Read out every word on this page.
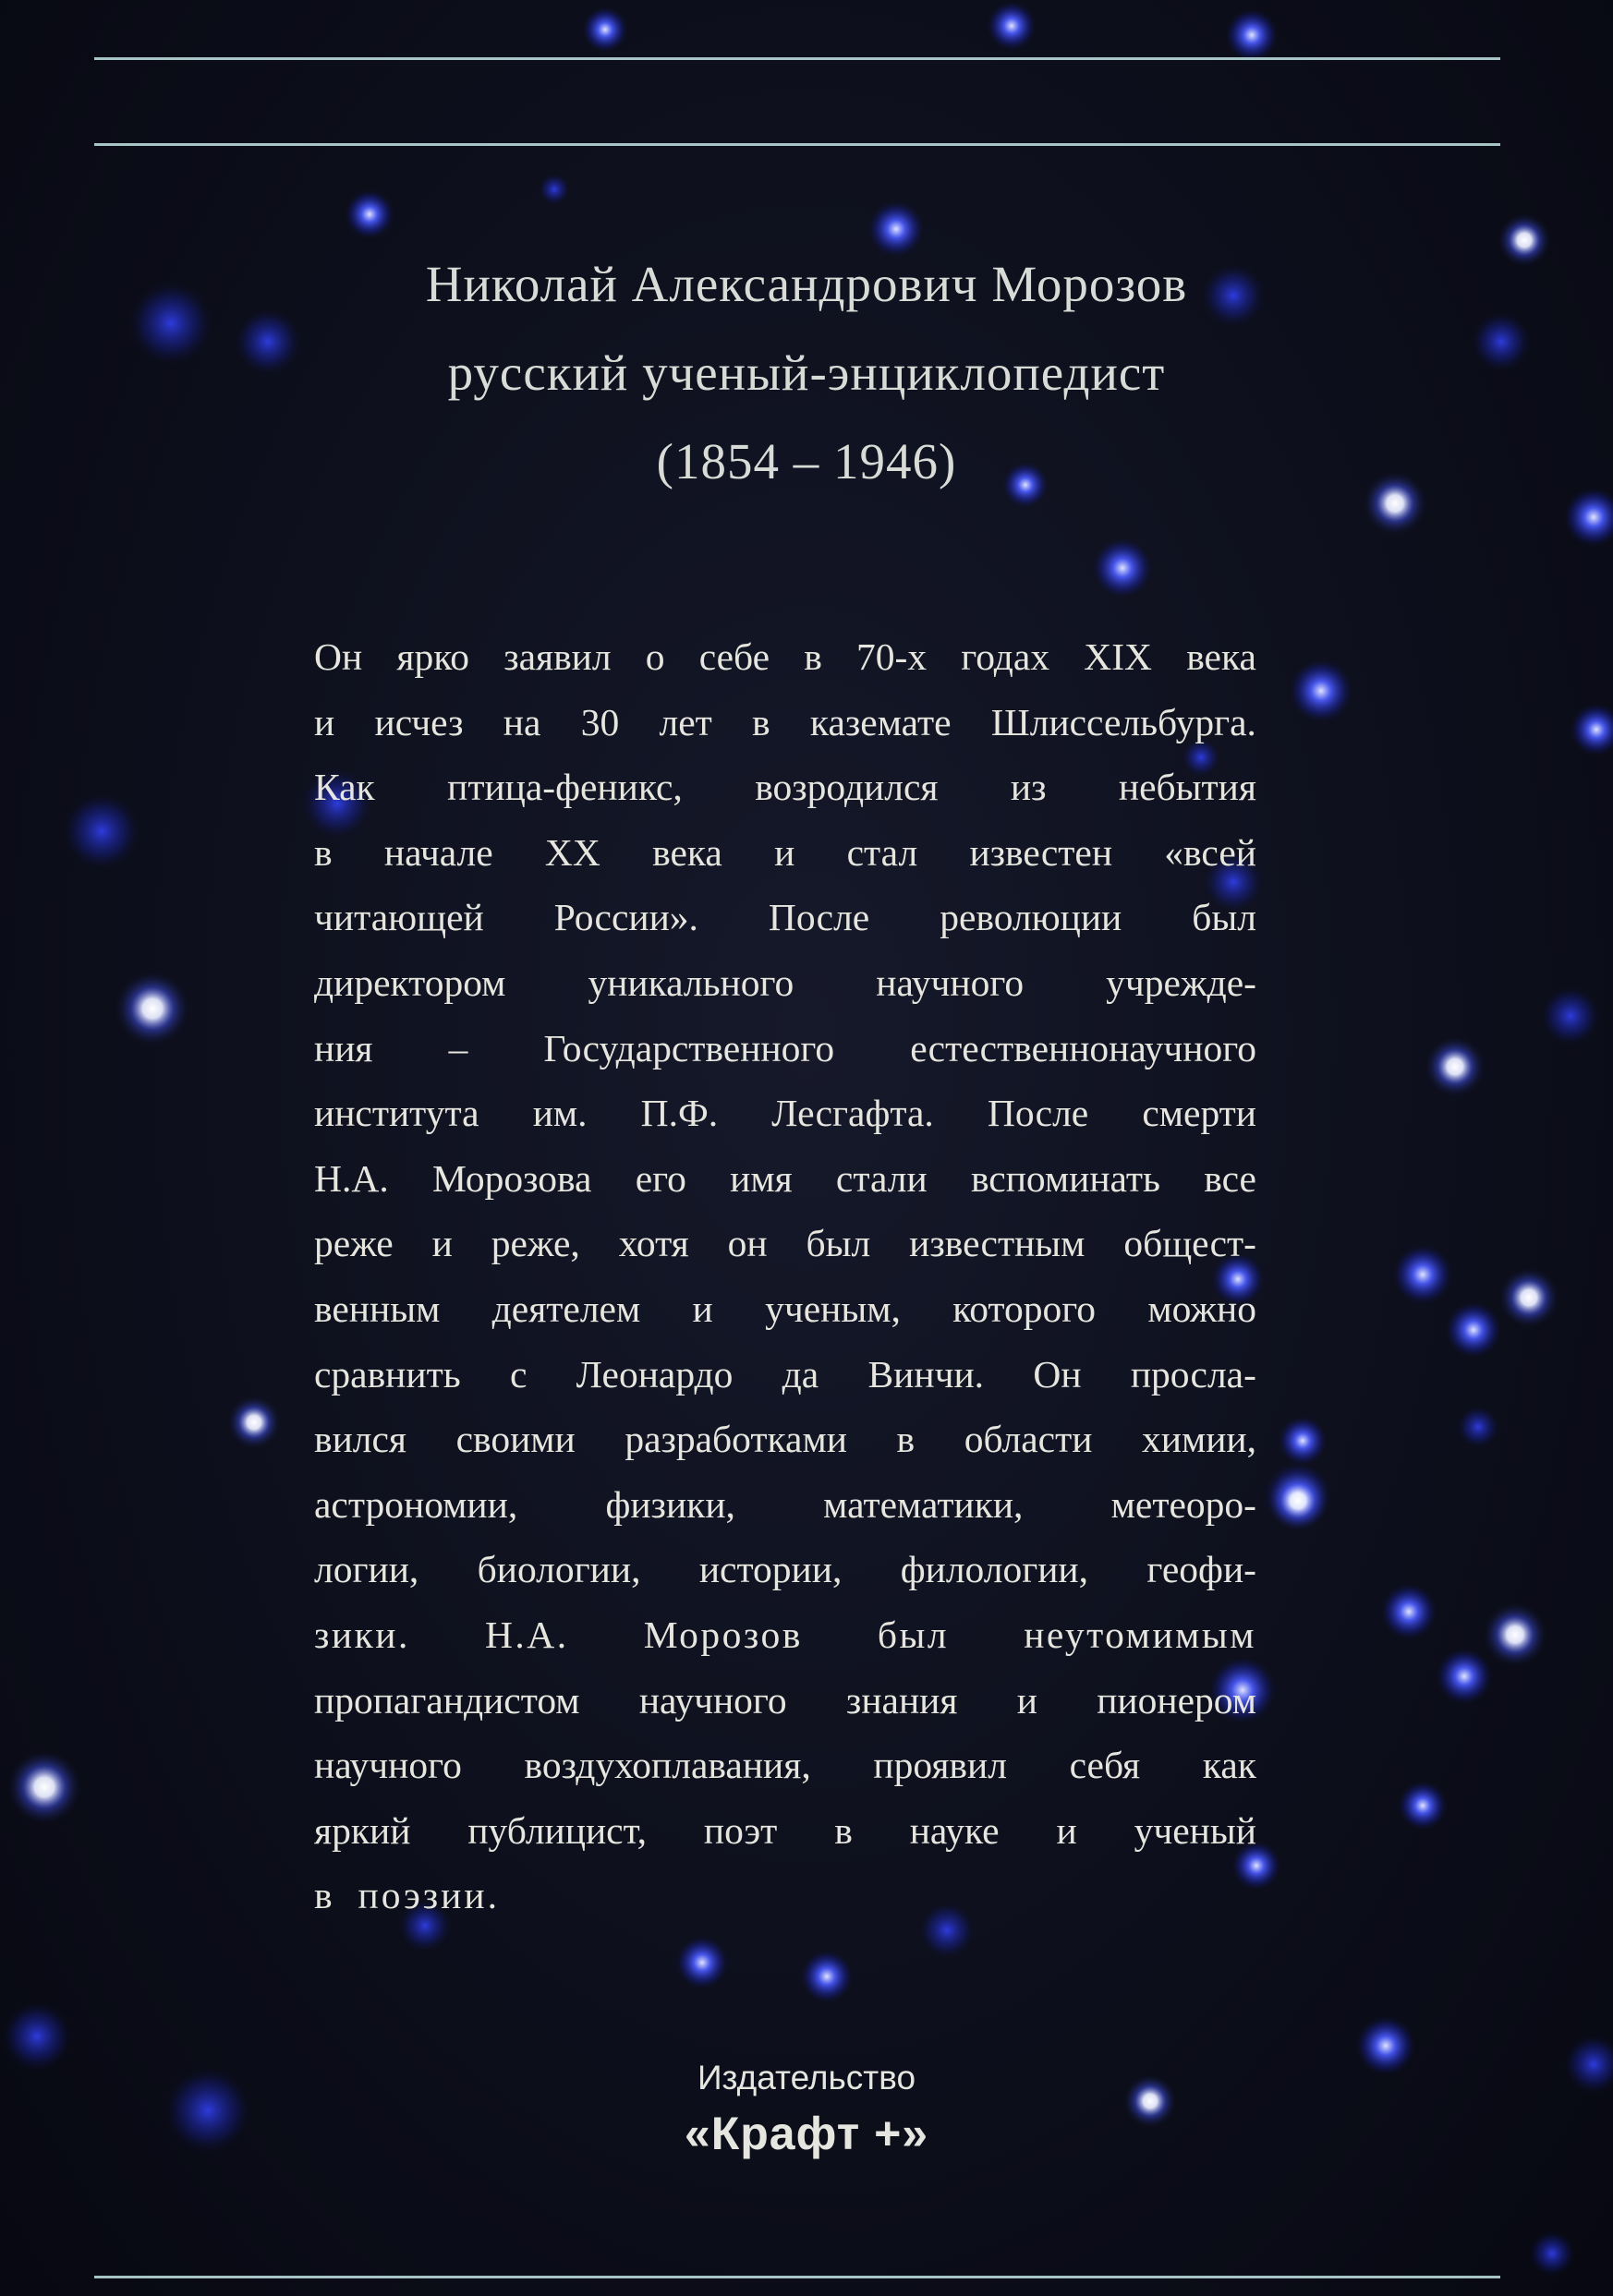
Николай Александрович Морозов
русский ученый-энциклопедист
(1854 – 1946)
Он ярко заявил о себе в 70-х годах XIX века
и исчез на 30 лет в каземате Шлиссельбурга.
Как птица-феникс, возродился из небытия
в начале XX века и стал известен «всей
читающей России». После революции был
директором уникального научного учрежде-
ния – Государственного естественнонаучного
института им. П.Ф. Лесгафта. После смерти
Н.А. Морозова его имя стали вспоминать все
реже и реже, хотя он был известным общест-
венным деятелем и ученым, которого можно
сравнить с Леонардо да Винчи. Он просла-
вился своими разработками в области химии,
астрономии, физики, математики, метеоро-
логии, биологии, истории, филологии, геофи-
зики. Н.А. Морозов был неутомимым
пропагандистом научного знания и пионером
научного воздухоплавания, проявил себя как
яркий публицист, поэт в науке и ученый
в поэзии.
Издательство
«Крафт +»
